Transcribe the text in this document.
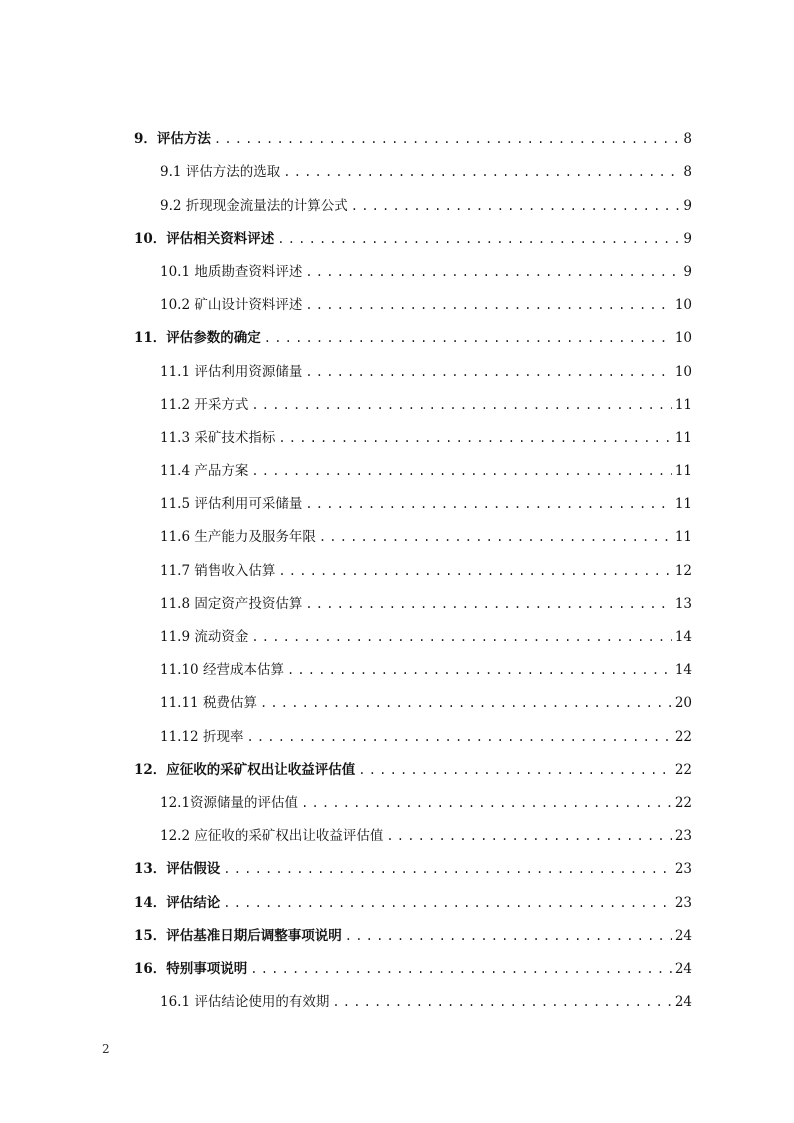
9．评估方法 .....	8
9.1 评估方法的选取 .....	8
9.2 折现现金流量法的计算公式 .....	9
10．评估相关资料评述 .....	9
10.1 地质勘查资料评述 .....	9
10.2 矿山设计资料评述 .....	10
11．评估参数的确定 .....	10
11.1 评估利用资源储量 .....	10
11.2 开采方式 .....	11
11.3 采矿技术指标 .....	11
11.4 产品方案 .....	11
11.5 评估利用可采储量 .....	11
11.6 生产能力及服务年限 .....	11
11.7 销售收入估算 .....	12
11.8 固定资产投资估算 .....	13
11.9 流动资金 .....	14
11.10 经营成本估算 .....	14
11.11 税费估算 .....	20
11.12 折现率 .....	22
12．应征收的采矿权出让收益评估值 .....	22
12.1资源储量的评估值 .....	22
12.2 应征收的采矿权出让收益评估值 .....	23
13．评估假设 .....	23
14．评估结论 .....	23
15．评估基准日期后调整事项说明 .....	24
16．特别事项说明 .....	24
16.1 评估结论使用的有效期 .....	24
2
